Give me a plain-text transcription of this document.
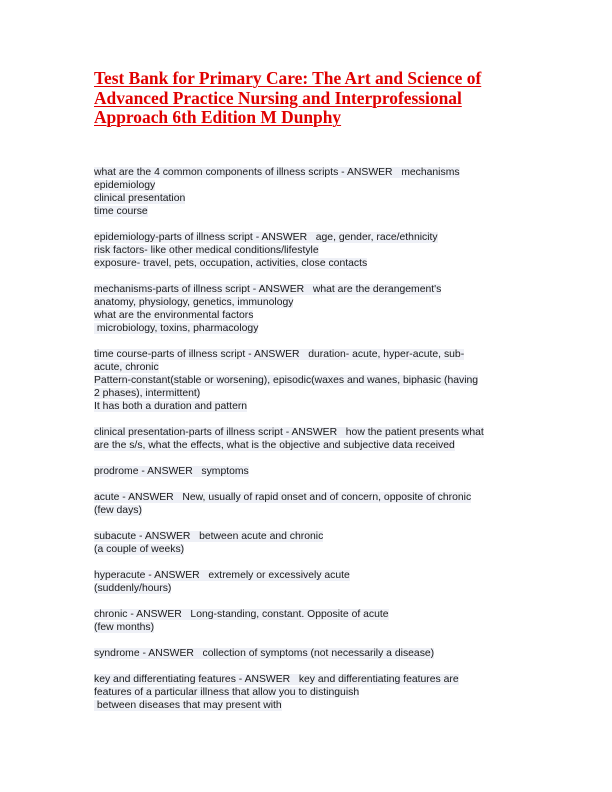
Test Bank for Primary Care: The Art and Science of
Advanced Practice Nursing and Interprofessional
Approach 6th Edition M Dunphy
what are the 4 common components of illness scripts - ANSWER   mechanisms
epidemiology
clinical presentation
time course
epidemiology-parts of illness script - ANSWER   age, gender, race/ethnicity
risk factors- like other medical conditions/lifestyle
exposure- travel, pets, occupation, activities, close contacts
mechanisms-parts of illness script - ANSWER   what are the derangement's
anatomy, physiology, genetics, immunology
what are the environmental factors
microbiology, toxins, pharmacology
time course-parts of illness script - ANSWER   duration- acute, hyper-acute, sub-
acute, chronic
Pattern-constant(stable or worsening), episodic(waxes and wanes, biphasic (having
2 phases), intermittent)
It has both a duration and pattern
clinical presentation-parts of illness script - ANSWER   how the patient presents what
are the s/s, what the effects, what is the objective and subjective data received
prodrome - ANSWER   symptoms
acute - ANSWER   New, usually of rapid onset and of concern, opposite of chronic
(few days)
subacute - ANSWER   between acute and chronic
(a couple of weeks)
hyperacute - ANSWER   extremely or excessively acute
(suddenly/hours)
chronic - ANSWER   Long-standing, constant. Opposite of acute
(few months)
syndrome - ANSWER   collection of symptoms (not necessarily a disease)
key and differentiating features - ANSWER   key and differentiating features are
features of a particular illness that allow you to distinguish
between diseases that may present with
